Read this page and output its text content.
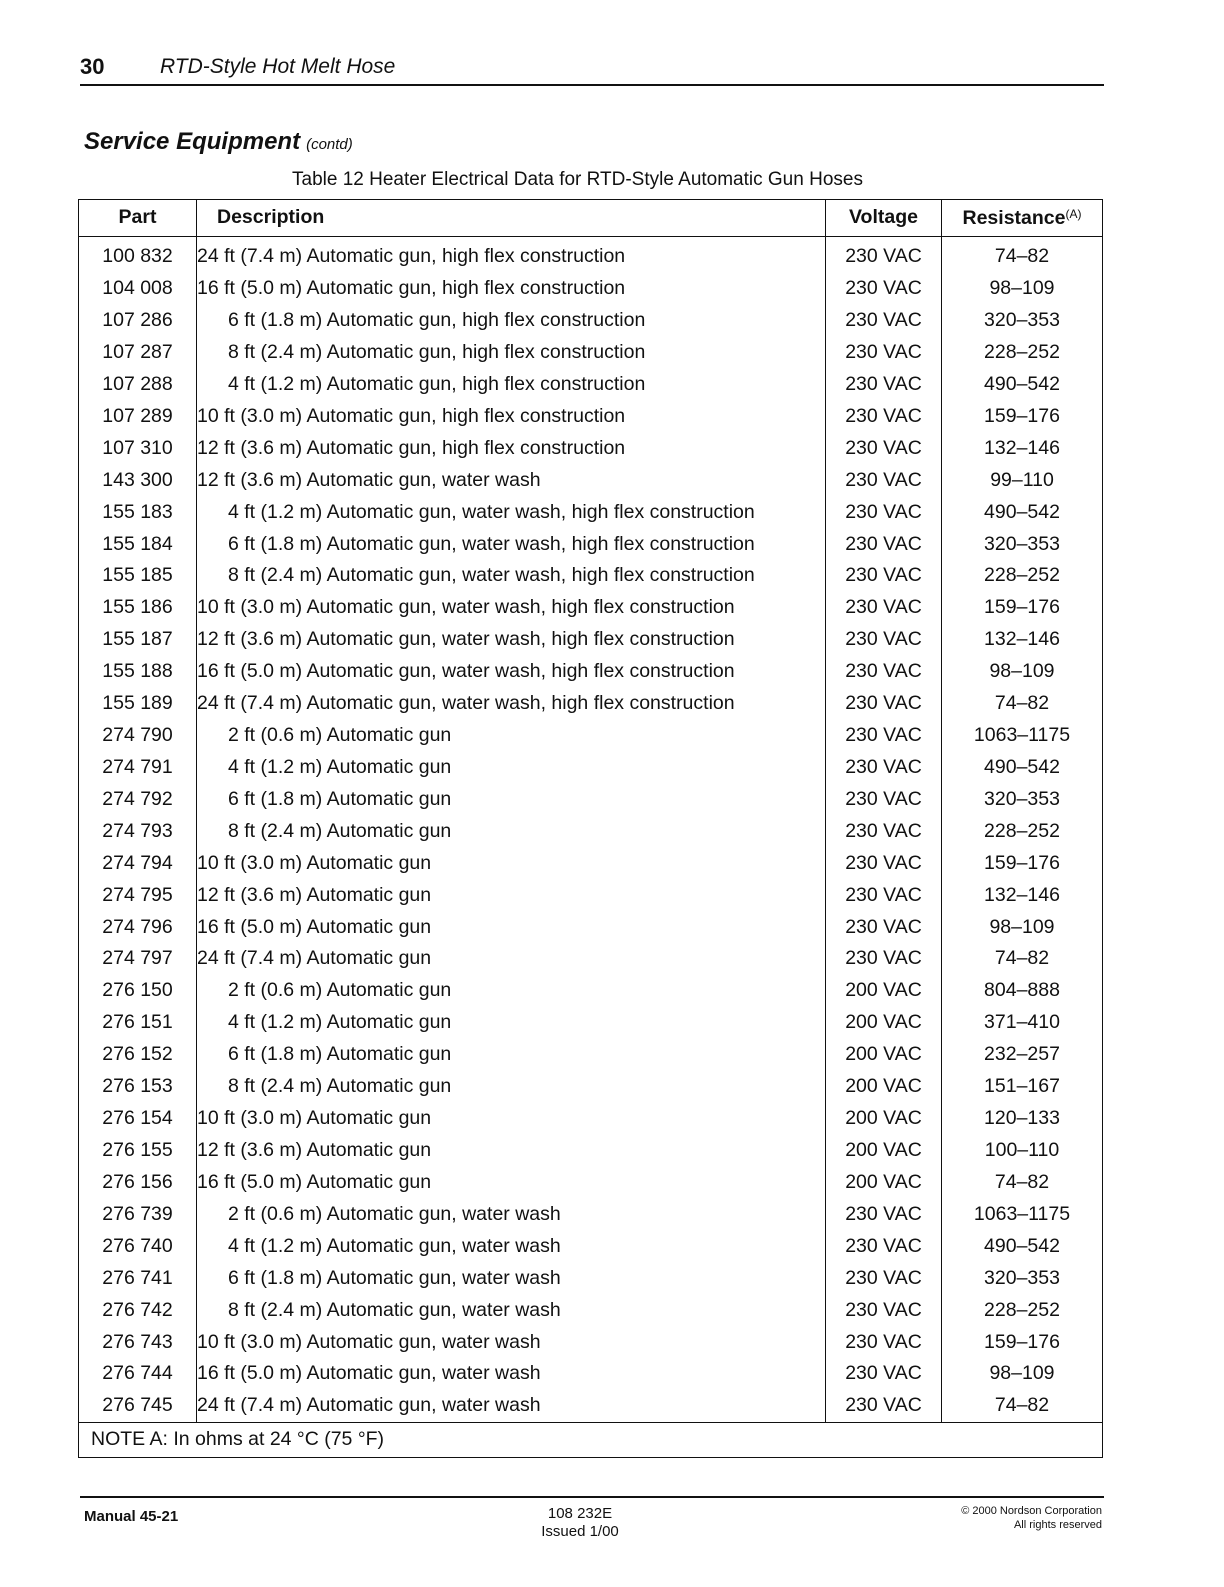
30	RTD-Style Hot Melt Hose
Service Equipment (contd)
Table 12 Heater Electrical Data for RTD-Style Automatic Gun Hoses
Part	Description	Voltage	Resistance$^{(A)}$
100 832	24 ft (7.4 m) Automatic gun, high flex construction	230 VAC	74–82
104 008	16 ft (5.0 m) Automatic gun, high flex construction	230 VAC	98–109
107 286	6 ft (1.8 m) Automatic gun, high flex construction	230 VAC	320–353
107 287	8 ft (2.4 m) Automatic gun, high flex construction	230 VAC	228–252
107 288	4 ft (1.2 m) Automatic gun, high flex construction	230 VAC	490–542
107 289	10 ft (3.0 m) Automatic gun, high flex construction	230 VAC	159–176
107 310	12 ft (3.6 m) Automatic gun, high flex construction	230 VAC	132–146
143 300	12 ft (3.6 m) Automatic gun, water wash	230 VAC	99–110
155 183	4 ft (1.2 m) Automatic gun, water wash, high flex construction	230 VAC	490–542
155 184	6 ft (1.8 m) Automatic gun, water wash, high flex construction	230 VAC	320–353
155 185	8 ft (2.4 m) Automatic gun, water wash, high flex construction	230 VAC	228–252
155 186	10 ft (3.0 m) Automatic gun, water wash, high flex construction	230 VAC	159–176
155 187	12 ft (3.6 m) Automatic gun, water wash, high flex construction	230 VAC	132–146
155 188	16 ft (5.0 m) Automatic gun, water wash, high flex construction	230 VAC	98–109
155 189	24 ft (7.4 m) Automatic gun, water wash, high flex construction	230 VAC	74–82
274 790	2 ft (0.6 m) Automatic gun	230 VAC	1063–1175
274 791	4 ft (1.2 m) Automatic gun	230 VAC	490–542
274 792	6 ft (1.8 m) Automatic gun	230 VAC	320–353
274 793	8 ft (2.4 m) Automatic gun	230 VAC	228–252
274 794	10 ft (3.0 m) Automatic gun	230 VAC	159–176
274 795	12 ft (3.6 m) Automatic gun	230 VAC	132–146
274 796	16 ft (5.0 m) Automatic gun	230 VAC	98–109
274 797	24 ft (7.4 m) Automatic gun	230 VAC	74–82
276 150	2 ft (0.6 m) Automatic gun	200 VAC	804–888
276 151	4 ft (1.2 m) Automatic gun	200 VAC	371–410
276 152	6 ft (1.8 m) Automatic gun	200 VAC	232–257
276 153	8 ft (2.4 m) Automatic gun	200 VAC	151–167
276 154	10 ft (3.0 m) Automatic gun	200 VAC	120–133
276 155	12 ft (3.6 m) Automatic gun	200 VAC	100–110
276 156	16 ft (5.0 m) Automatic gun	200 VAC	74–82
276 739	2 ft (0.6 m) Automatic gun, water wash	230 VAC	1063–1175
276 740	4 ft (1.2 m) Automatic gun, water wash	230 VAC	490–542
276 741	6 ft (1.8 m) Automatic gun, water wash	230 VAC	320–353
276 742	8 ft (2.4 m) Automatic gun, water wash	230 VAC	228–252
276 743	10 ft (3.0 m) Automatic gun, water wash	230 VAC	159–176
276 744	16 ft (5.0 m) Automatic gun, water wash	230 VAC	98–109
276 745	24 ft (7.4 m) Automatic gun, water wash	230 VAC	74–82
NOTE A: In ohms at 24 °C (75 °F)			
Manual 45-21	108 232E
Issued 1/00
© 2000 Nordson Corporation
All rights reserved
